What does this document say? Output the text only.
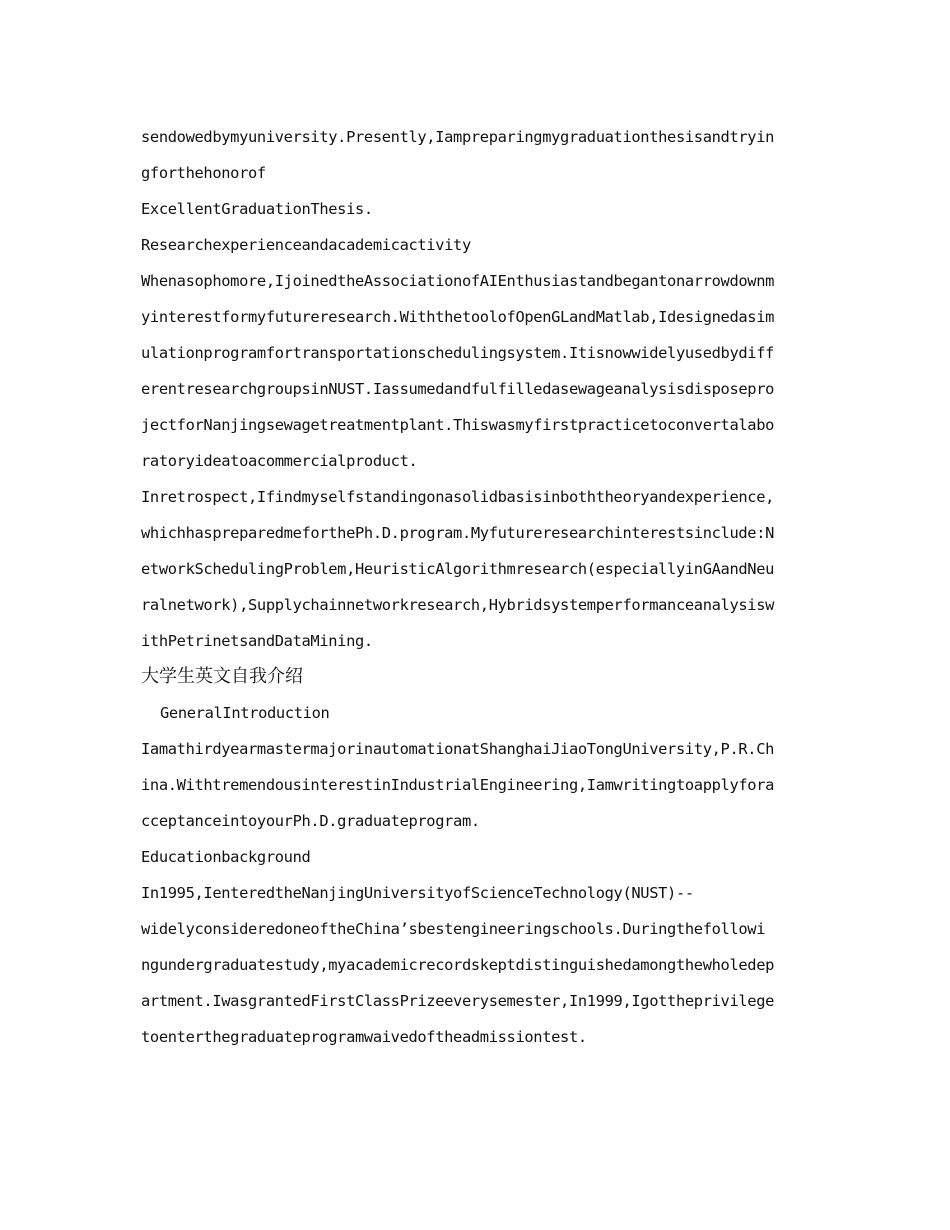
sendowedbymyuniversity.Presently,Iampreparingmygraduationthesisandtryin
gforthehonorof
ExcellentGraduationThesis.
Researchexperienceandacademicactivity
Whenasophomore,IjoinedtheAssociationofAIEnthusiastandbegantonarrowdownm
yinterestformyfutureresearch.WiththetoolofOpenGLandMatlab,Idesignedasim
ulationprogramfortransportationschedulingsystem.Itisnowwidelyusedbydiff
erentresearchgroupsinNUST.Iassumedandfulfilledasewageanalysisdisposepro
jectforNanjingsewagetreatmentplant.Thiswasmyfirstpracticetoconvertalabo
ratoryideatoacommercialproduct.
Inretrospect,Ifindmyselfstandingonasolidbasisinboththeoryandexperience,
whichhaspreparedmeforthePh.D.program.Myfutureresearchinterestsinclude:N
etworkSchedulingProblem,HeuristicAlgorithmresearch(especiallyinGAandNeu
ralnetwork),Supplychainnetworkresearch,Hybridsystemperformanceanalysisw
ithPetrinetsandDataMining.
大学生英文自我介绍
GeneralIntroduction
IamathirdyearmastermajorinautomationatShanghaiJiaoTongUniversity,P.R.Ch
ina.WithtremendousinterestinIndustrialEngineering,Iamwritingtoapplyfora
cceptanceintoyourPh.D.graduateprogram.
Educationbackground
In1995,IenteredtheNanjingUniversityofScienceTechnology(NUST)--
widelyconsideredoneoftheChina’sbestengineeringschools.Duringthefollowi
ngundergraduatestudy,myacademicrecordskeptdistinguishedamongthewholedep
artment.IwasgrantedFirstClassPrizeeverysemester,In1999,Igottheprivilege
toenterthegraduateprogramwaivedoftheadmissiontest.
